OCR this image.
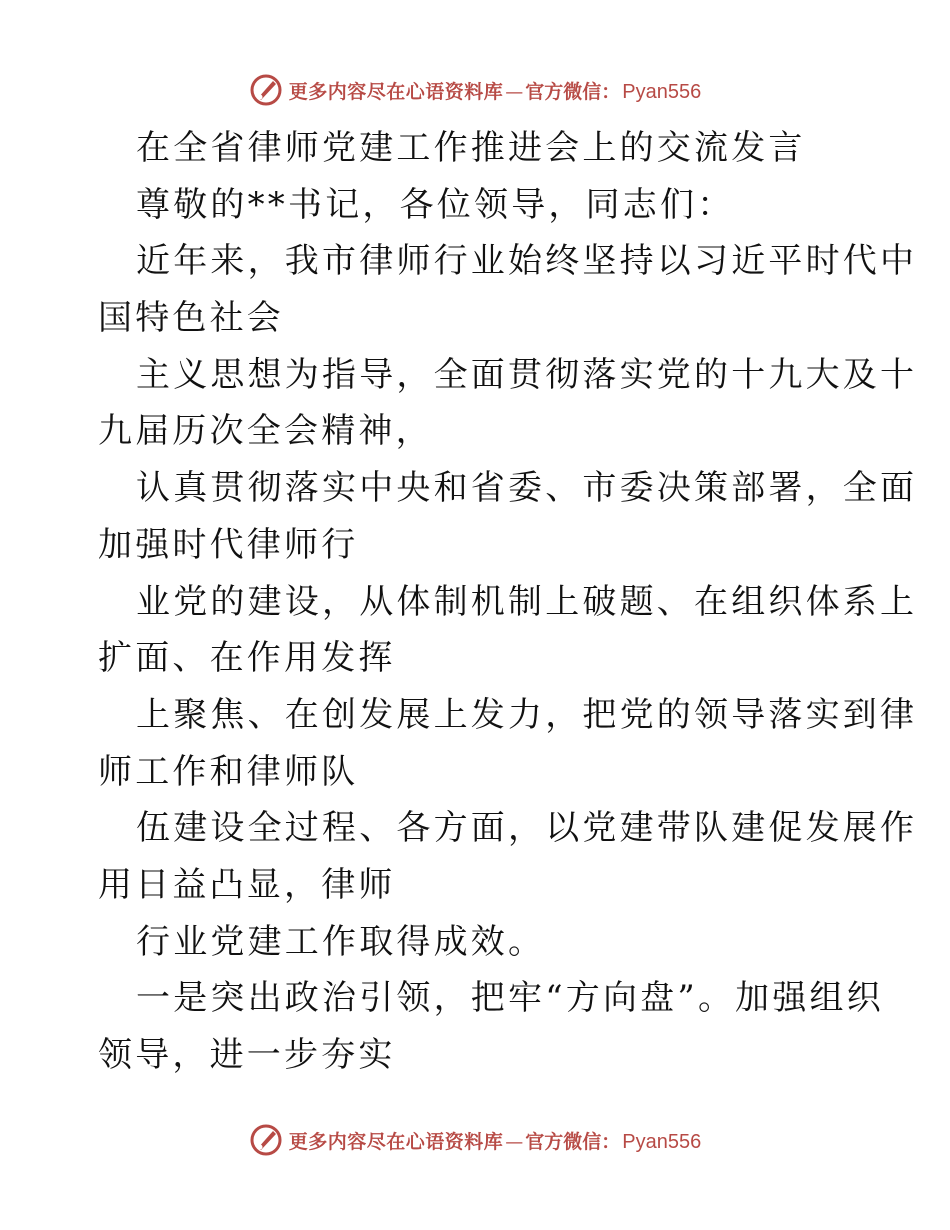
更多内容尽在心语资料库 — 官方微信： Pyan556
在全省律师党建工作推进会上的交流发言
尊敬的**书记，各位领导，同志们：
近年来，我市律师行业始终坚持以习近平时代中
国特色社会
主义思想为指导，全面贯彻落实党的十九大及十
九届历次全会精神，
认真贯彻落实中央和省委、市委决策部署，全面
加强时代律师行
业党的建设，从体制机制上破题、在组织体系上
扩面、在作用发挥
上聚焦、在创发展上发力，把党的领导落实到律
师工作和律师队
伍建设全过程、各方面，以党建带队建促发展作
用日益凸显，律师
行业党建工作取得成效。
一是突出政治引领，把牢“方向盘”。加强组织
领导，进一步夯实
更多内容尽在心语资料库 — 官方微信： Pyan556
